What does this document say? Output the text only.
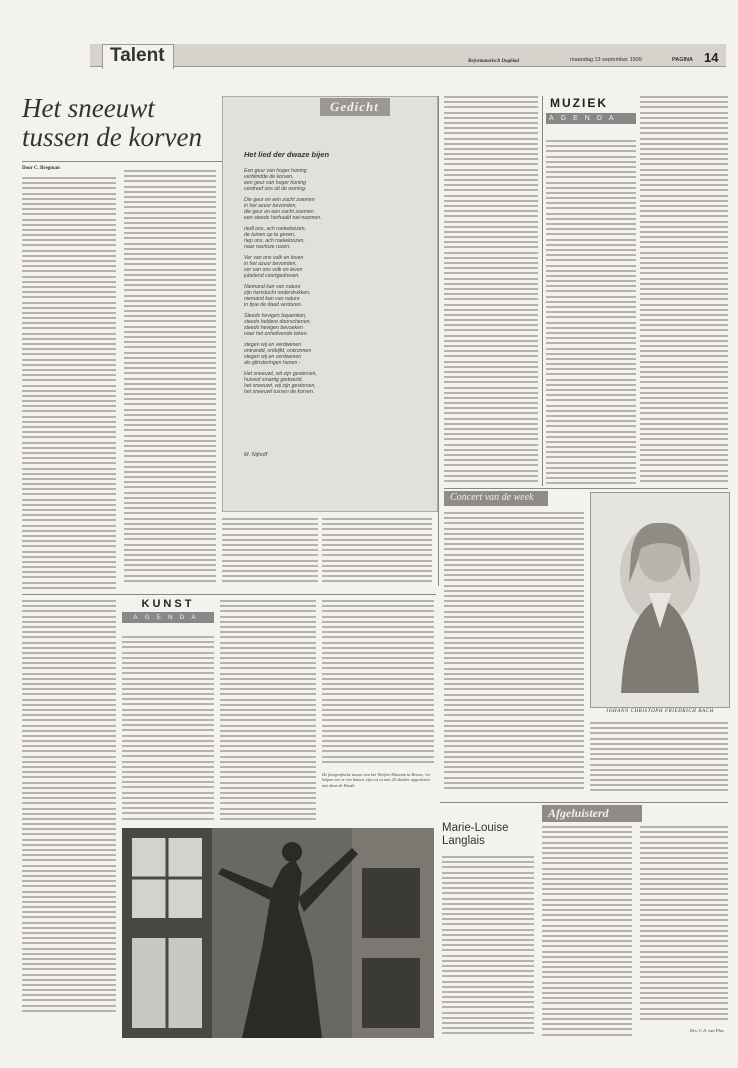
Talent	Reformatorisch Dagblad	maandag 13 september 1999	PAGINA 14
Het sneeuwt
tussen de korven
Door C. Bregman
Gedicht
Het lied der dwaze bijen
Een geur van hoger honing
verblindde de korven,
een geur van hoger honing
verdreef ons uit de woning.
Die geur en een zacht zoemen
in het azuur bevonden,
die geur en een zacht zoemen
een steeds herhaald nat-noemen.
riedl ons, ach roekeloozen,
de tuinen op te geven,
riep ons, ach roekeloozen,
naar roerloze rozen.
Ver van ons volk en leven
in het azuur bevonden,
ver van ons volk en leven
jubelend voortgedreven.
Niemand kan van nature
zijn hertstocht onderdrukken,
niemand kan van nature
in tijve de daad verduren.
Steeds hevigen bejaenken,
steeds heldere doorschenen,
steeds hevigen bevoeken
naar het onheilvende teken.
stegen wij en verdwenen
ontrandd, ontbijfd, ontzonnen
stegen wij en verdwenen
als glinsteringen henen -
Het sneeuwt, wit zijn gesterven,
huiveid smartig gedwerld,
het sneeuwt, wij zijn gestorven,
het sneeuwt tussen de korven.
M. Nijhoff
MUZIEK
AGENDA
Concert van de week
JOHANN CHRISTOPH FRIEDRICH BACH
KUNST
AGENDA
De fotografische tussen van het Weefter Museum in Hoorn, 'en helpen een te een huizen, zijn tot en met 24 oktober opgesloten met daar de Hunth.
Afgeluisterd
Marie-Louise
Langlais
Drs. C.A. van Plas
